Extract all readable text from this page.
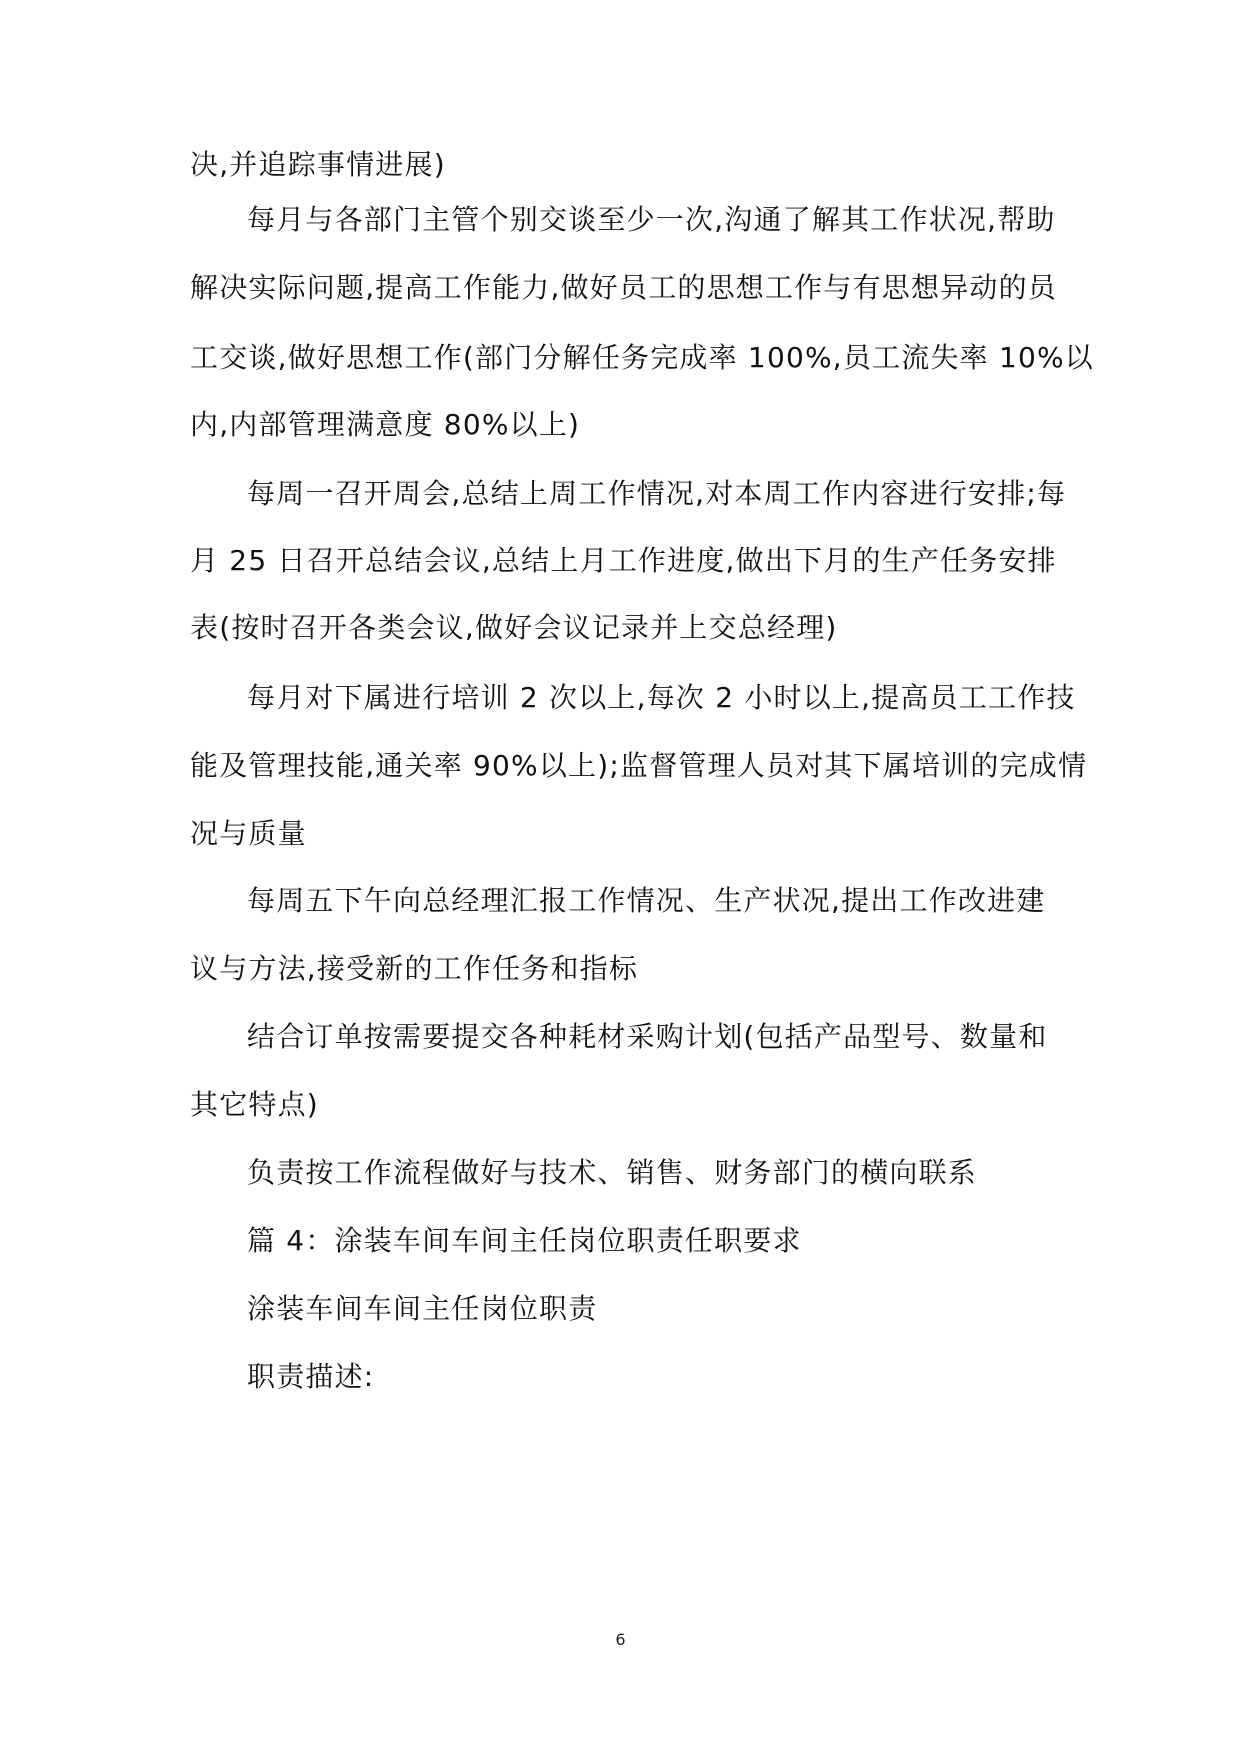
决,并追踪事情进展)
每月与各部门主管个别交谈至少一次,沟通了解其工作状况,帮助
解决实际问题,提高工作能力,做好员工的思想工作与有思想异动的员
工交谈,做好思想工作(部门分解任务完成率 100%,员工流失率 10%以
内,内部管理满意度 80%以上)
每周一召开周会,总结上周工作情况,对本周工作内容进行安排;每
月 25 日召开总结会议,总结上月工作进度,做出下月的生产任务安排
表(按时召开各类会议,做好会议记录并上交总经理)
每月对下属进行培训 2 次以上,每次 2 小时以上,提高员工工作技
能及管理技能,通关率 90%以上);监督管理人员对其下属培训的完成情
况与质量
每周五下午向总经理汇报工作情况、生产状况,提出工作改进建
议与方法,接受新的工作任务和指标
结合订单按需要提交各种耗材采购计划(包括产品型号、数量和
其它特点)
负责按工作流程做好与技术、销售、财务部门的横向联系
篇 4：涂装车间车间主任岗位职责任职要求
涂装车间车间主任岗位职责
职责描述:
6
